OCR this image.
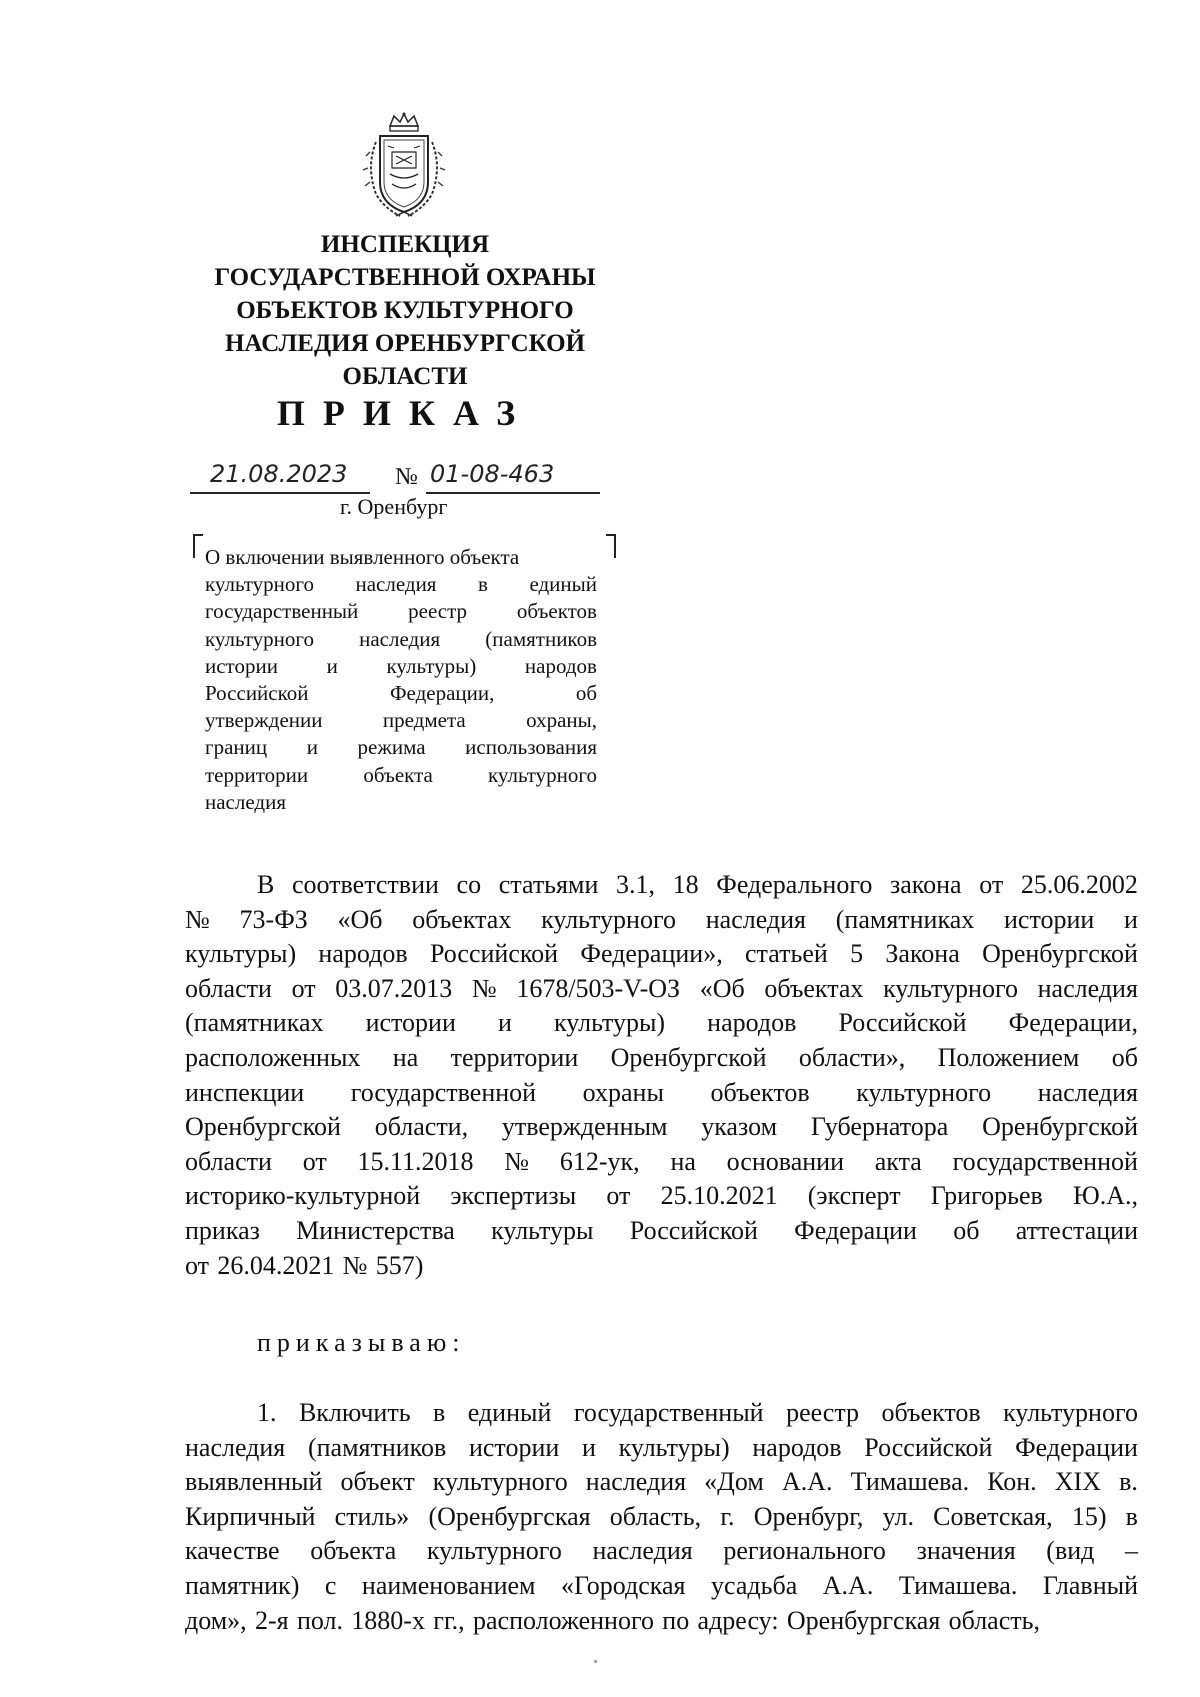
ИНСПЕКЦИЯ
ГОСУДАРСТВЕННОЙ ОХРАНЫ
ОБЪЕКТОВ КУЛЬТУРНОГО
НАСЛЕДИЯ ОРЕНБУРГСКОЙ
ОБЛАСТИ
ПРИКАЗ
21.08.2023 № 01-08-463
г. Оренбург
О включении выявленного объекта
культурного наследия в единый
государственный реестр объектов
культурного наследия (памятников
истории и культуры) народов
Российской	Федерации,	об
утверждении	предмета	охраны,
границ и режима использования
территории	объекта	культурного
наследия
В соответствии со статьями 3.1, 18 Федерального закона от 25.06.2002
№ 73-ФЗ «Об объектах культурного наследия (памятниках истории и
культуры) народов Российской Федерации», статьей 5 Закона Оренбургской
области от 03.07.2013 № 1678/503-V-ОЗ «Об объектах культурного наследия
(памятниках истории и культуры) народов Российской Федерации,
расположенных на территории Оренбургской области», Положением об
инспекции государственной охраны объектов культурного наследия
Оренбургской области, утвержденным указом Губернатора Оренбургской
области от 15.11.2018 № 612-ук, на основании акта государственной
историко-культурной экспертизы от 25.10.2021 (эксперт Григорьев Ю.А.,
приказ Министерства культуры Российской Федерации об аттестации
от 26.04.2021 № 557)
приказываю:
1. Включить в единый государственный реестр объектов культурного
наследия (памятников истории и культуры) народов Российской Федерации
выявленный объект культурного наследия «Дом А.А. Тимашева. Кон. XIX в.
Кирпичный стиль» (Оренбургская область, г. Оренбург, ул. Советская, 15) в
качестве объекта культурного наследия регионального значения (вид –
памятник) с наименованием «Городская усадьба А.А. Тимашева. Главный
дом», 2-я пол. 1880-х гг., расположенного по адресу: Оренбургская область,
